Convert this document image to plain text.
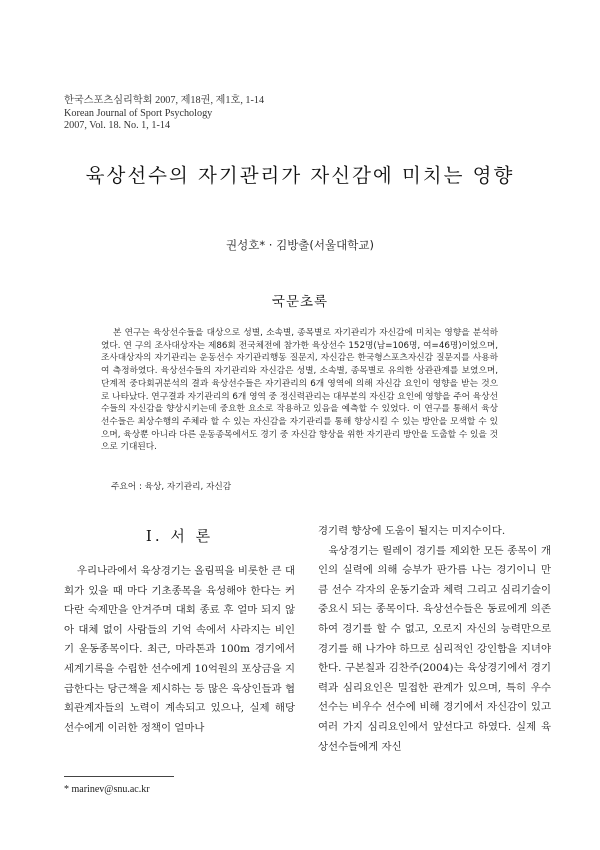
한국스포츠심리학회 2007, 제18권, 제1호, 1-14
Korean Journal of Sport Psychology
2007, Vol. 18. No. 1, 1-14
육상선수의 자기관리가 자신감에 미치는 영향
권성호* · 김방출(서울대학교)
국문초록

본 연구는 육상선수들을 대상으로 성별, 소속별, 종목별로 자기관리가 자신감에 미치는 영향을 분석하였다. 연 구의 조사대상자는 제86회 전국체전에 참가한 육상선수 152명(남=106명, 여=46명)이었으며, 조사대상자의 자기관리는 운동선수 자기관리행동 질문지, 자신감은 한국형스포츠자신감 질문지를 사용하여 측정하였다. 육상선수들의 자기관리와 자신감은 성별, 소속별, 종목별로 유의한 상관관계를 보였으며, 단계적 중다회귀분석의 결과 육상선수들은 자기관리의 6개 영역에 의해 자신감 요인이 영향을 받는 것으로 나타났다. 연구결과 자기관리의 6개 영역 중 정신력관리는 대부분의 자신감 요인에 영향을 주어 육상선수들의 자신감을 향상시키는데 중요한 요소로 작용하고 있음을 예측할 수 있었다. 이 연구를 통해서 육상선수들은 최상수행의 주체라 할 수 있는 자신감을 자기관리를 통해 향상시킬 수 있는 방안을 모색할 수 있으며, 육상뿐 아니라 다른 운동종목에서도 경기 중 자신감 향상을 위한 자기관리 방안을 도출할 수 있을 것으로 기대된다.

주요어 : 육상, 자기관리, 자신감
I. 서 론

우리나라에서 육상경기는 올림픽을 비롯한 큰 대회가 있을 때 마다 기초종목을 육성해야 한다는 커다란 숙제만을 안겨주며 대회 종료 후 얼마 되지 않아 대체 없이 사람들의 기억 속에서 사라지는 비인기 운동종목이다. 최근, 마라톤과 100m 경기에서 세계기록을 수립한 선수에게 10억원의 포상금을 지급한다는 당근책을 제시하는 등 많은 육상인들과 협회관계자들의 노력이 계속되고 있으나, 실제 해당 선수에게 이러한 정책이 얼마나

경기력 향상에 도움이 될지는 미지수이다.
 육상경기는 릴레이 경기를 제외한 모든 종목이 개인의 실력에 의해 승부가 판가름 나는 경기이니 만큼 선수 각자의 운동기술과 체력 그리고 심리기술이 중요시 되는 종목이다. 육상선수들은 동료에게 의존하여 경기를 할 수 없고, 오로지 자신의 능력만으로 경기를 해 나가야 하므로 심리적인 강인함을 지녀야 한다. 구본칠과 김찬주(2004)는 육상경기에서 경기력과 심리요인은 밀접한 관계가 있으며, 특히 우수 선수는 비우수 선수에 비해 경기에서 자신감이 있고 여러 가지 심리요인에서 앞선다고 하였다. 실제 육상선수들에게 자신
* marinev@snu.ac.kr
